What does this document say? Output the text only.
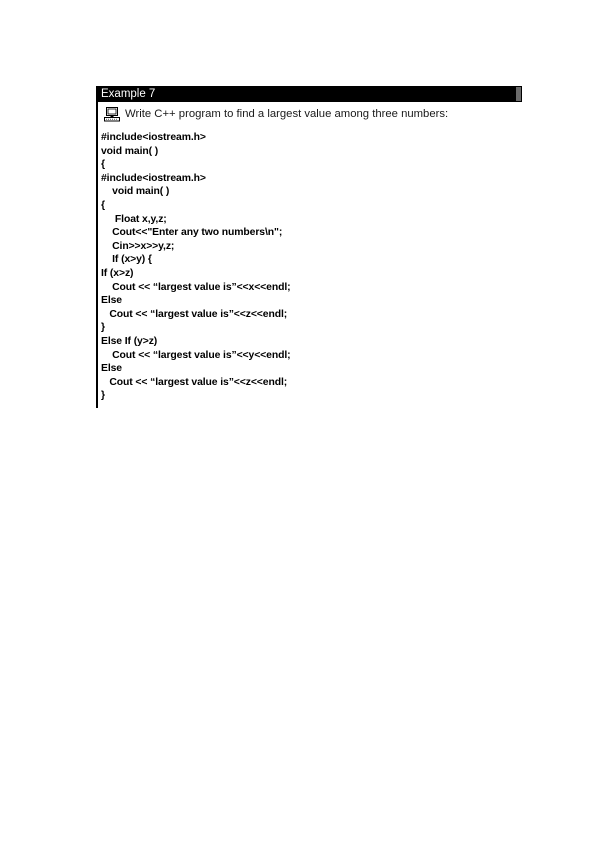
Example 7
Write C++ program to find a largest value among three numbers:
#include<iostream.h>
void main( )
{
#include<iostream.h>
void main( )
{
Float x,y,z;
Cout<<"Enter any two numbers\n";
Cin>>x>>y,z;
If (x>y) {
If (x>z)
Cout << “largest value is”<<x<<endl;
Else
Cout << “largest value is”<<z<<endl;
}
Else If (y>z)
Cout << “largest value is”<<y<<endl;
Else
Cout << “largest value is”<<z<<endl;
}
